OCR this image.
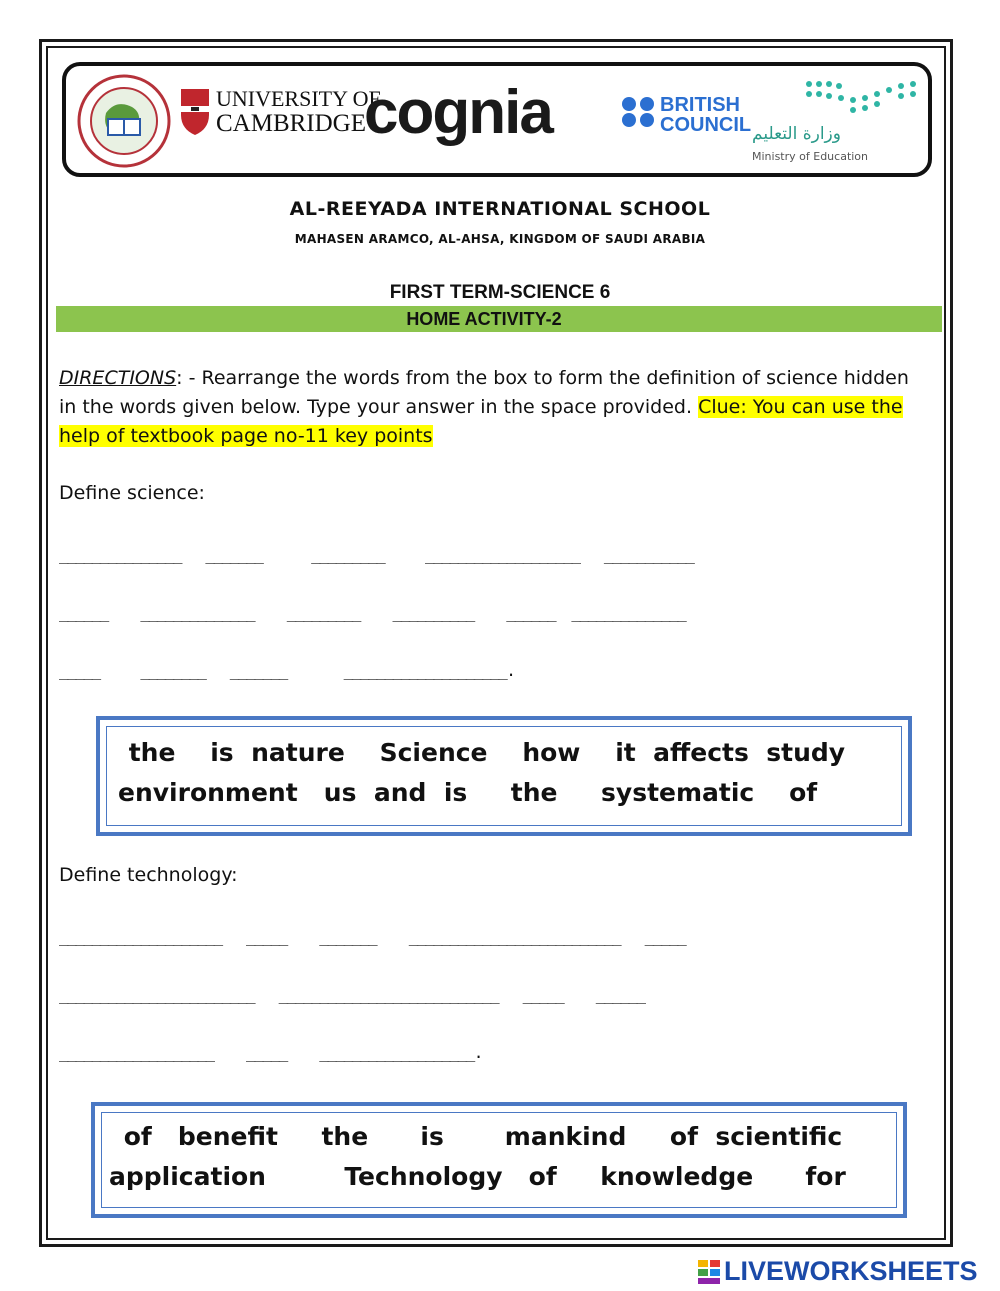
UNIVERSITY OF
CAMBRIDGE
cognia	BRITISH
COUNCIL وزارة التعليم
Ministry of Education
AL-REEYADA INTERNATIONAL SCHOOL
MAHASEN ARAMCO, AL-AHSA, KINGDOM OF SAUDI ARABIA
FIRST TERM-SCIENCE 6
HOME ACTIVITY-2
DIRECTIONS: - Rearrange the words from the box to form the definition of science hidden in the words given below. Type your answer in the space provided. Clue: You can use the help of textbook page no-11 key points
Define science:
_______________   _______      _________     ___________________   ___________
______    ______________    _________    __________    ______  ______________
_____     ________   _______       ____________________.
the    is  nature    Science    how    it  affects  study
environment   us  and  is     the     systematic    of
Define technology:
____________________   _____    _______    __________________________   _____
________________________   ___________________________   _____    ______
___________________    _____    ___________________.
of   benefit     the      is       mankind     of  scientific
application         Technology   of     knowledge      for
LIVEWORKSHEETS
